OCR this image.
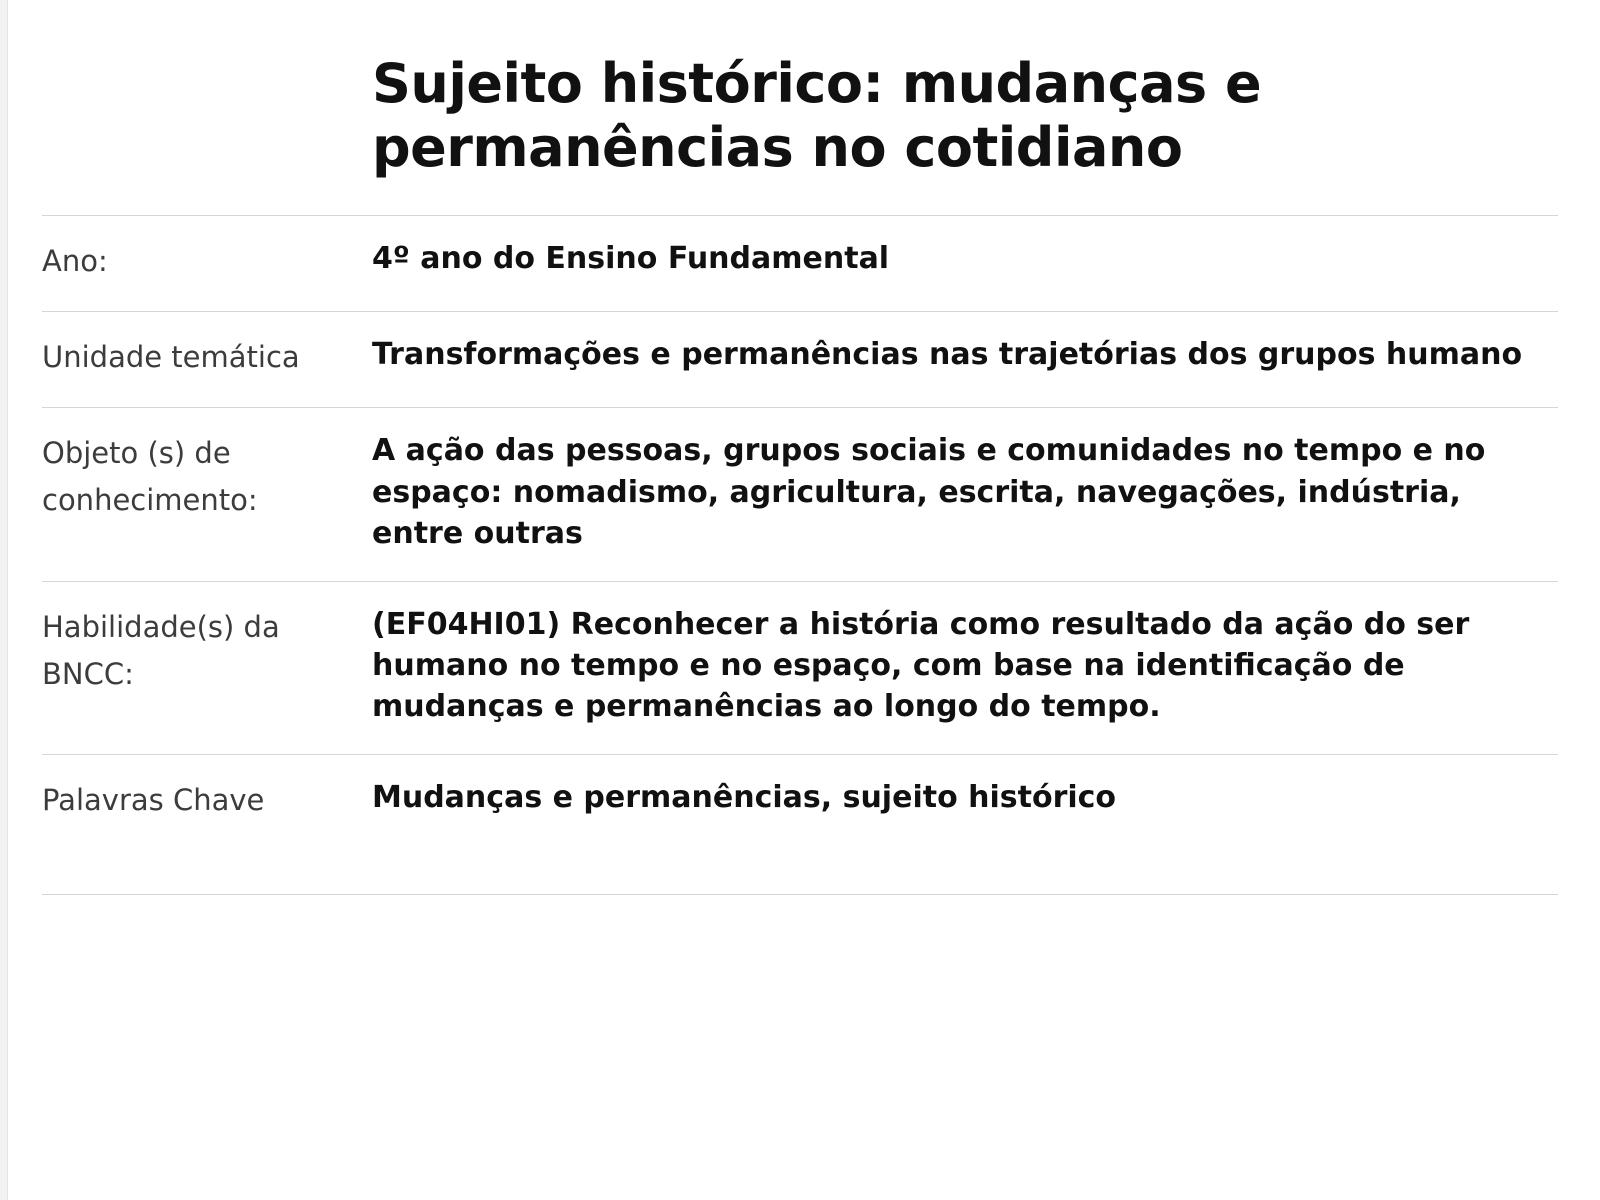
Sujeito histórico: mudanças e permanências no cotidiano
Ano:	4º ano do Ensino Fundamental
Unidade temática	Transformações e permanências nas trajetórias dos grupos humano
Objeto (s) de conhecimento:	A ação das pessoas, grupos sociais e comunidades no tempo e no espaço: nomadismo, agricultura, escrita, navegações, indústria, entre outras
Habilidade(s) da BNCC:	(EF04HI01) Reconhecer a história como resultado da ação do ser humano no tempo e no espaço, com base na identificação de mudanças e permanências ao longo do tempo.
Palavras Chave	Mudanças e permanências, sujeito histórico
